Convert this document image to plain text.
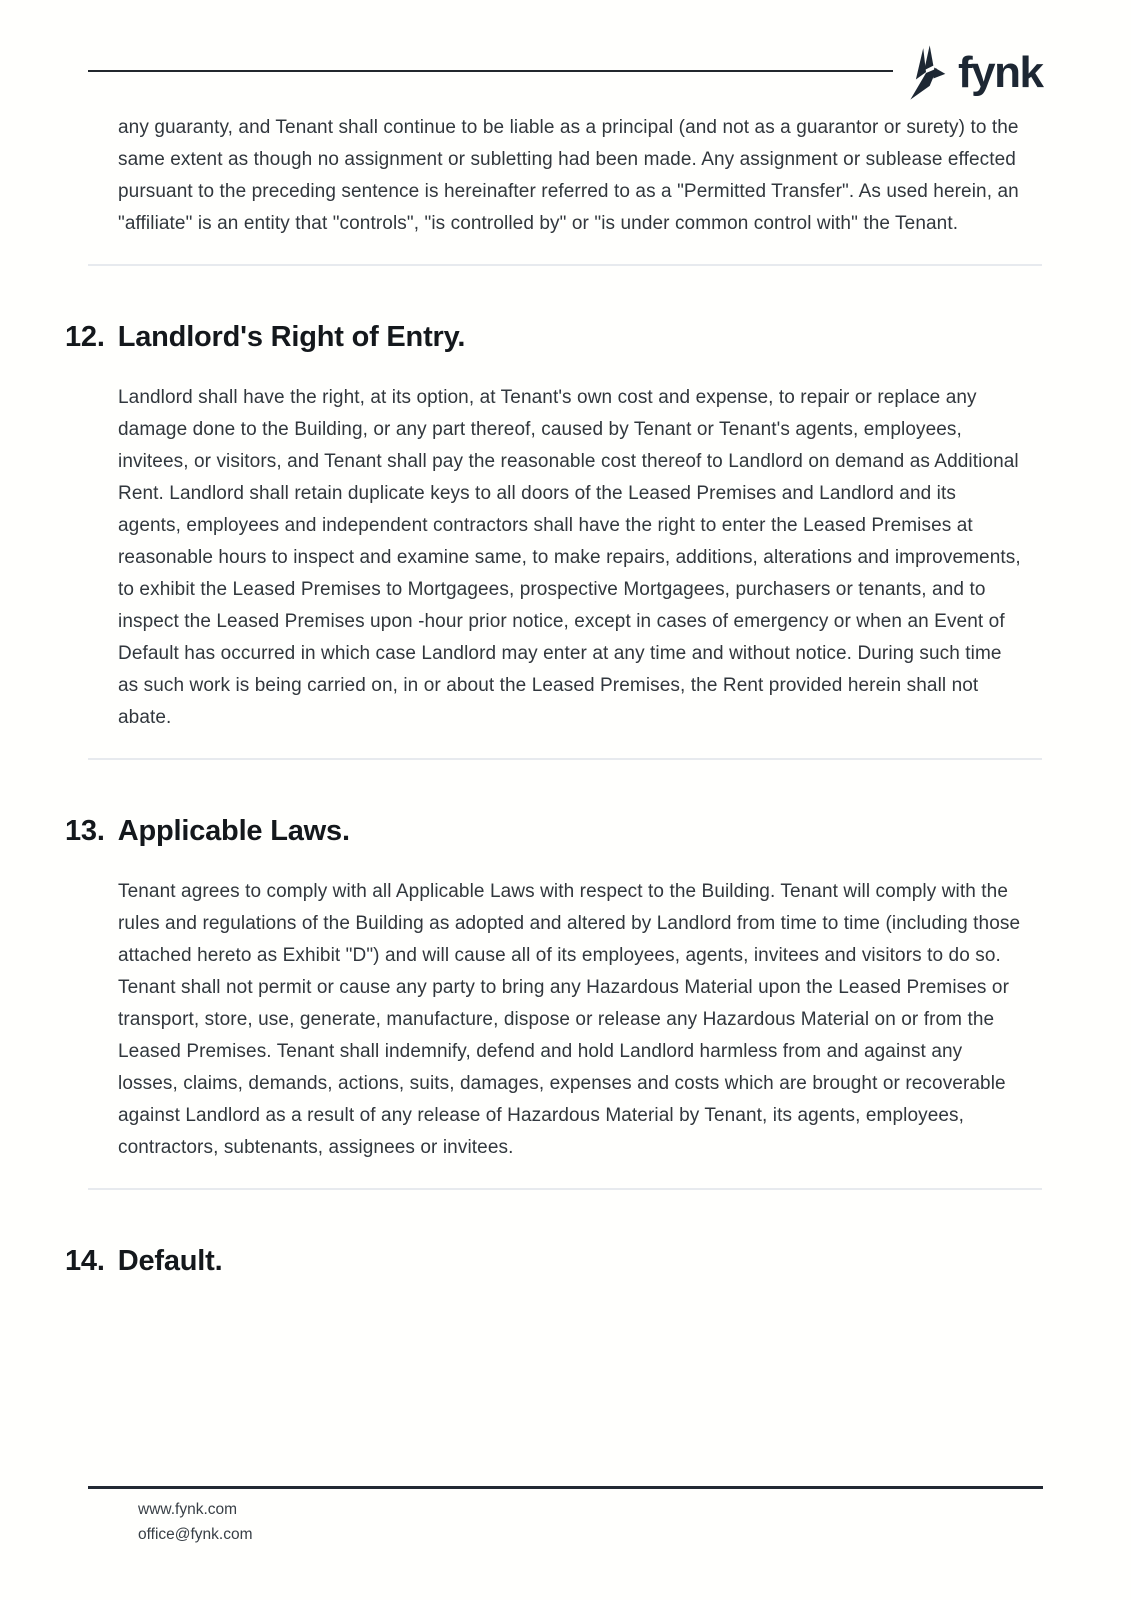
fynk

any guaranty, and Tenant shall continue to be liable as a principal (and not as a guarantor or surety) to the same extent as though no assignment or subletting had been made. Any assignment or sublease effected pursuant to the preceding sentence is hereinafter referred to as a "Permitted Transfer". As used herein, an "affiliate" is an entity that "controls", "is controlled by" or "is under common control with" the Tenant.

12. Landlord's Right of Entry.

Landlord shall have the right, at its option, at Tenant's own cost and expense, to repair or replace any damage done to the Building, or any part thereof, caused by Tenant or Tenant's agents, employees, invitees, or visitors, and Tenant shall pay the reasonable cost thereof to Landlord on demand as Additional Rent. Landlord shall retain duplicate keys to all doors of the Leased Premises and Landlord and its agents, employees and independent contractors shall have the right to enter the Leased Premises at reasonable hours to inspect and examine same, to make repairs, additions, alterations and improvements, to exhibit the Leased Premises to Mortgagees, prospective Mortgagees, purchasers or tenants, and to inspect the Leased Premises upon -hour prior notice, except in cases of emergency or when an Event of Default has occurred in which case Landlord may enter at any time and without notice. During such time as such work is being carried on, in or about the Leased Premises, the Rent provided herein shall not abate.

13. Applicable Laws.

Tenant agrees to comply with all Applicable Laws with respect to the Building. Tenant will comply with the rules and regulations of the Building as adopted and altered by Landlord from time to time (including those attached hereto as Exhibit "D") and will cause all of its employees, agents, invitees and visitors to do so. Tenant shall not permit or cause any party to bring any Hazardous Material upon the Leased Premises or transport, store, use, generate, manufacture, dispose or release any Hazardous Material on or from the Leased Premises. Tenant shall indemnify, defend and hold Landlord harmless from and against any losses, claims, demands, actions, suits, damages, expenses and costs which are brought or recoverable against Landlord as a result of any release of Hazardous Material by Tenant, its agents, employees, contractors, subtenants, assignees or invitees.

14. Default.
www.fynk.com
office@fynk.com
